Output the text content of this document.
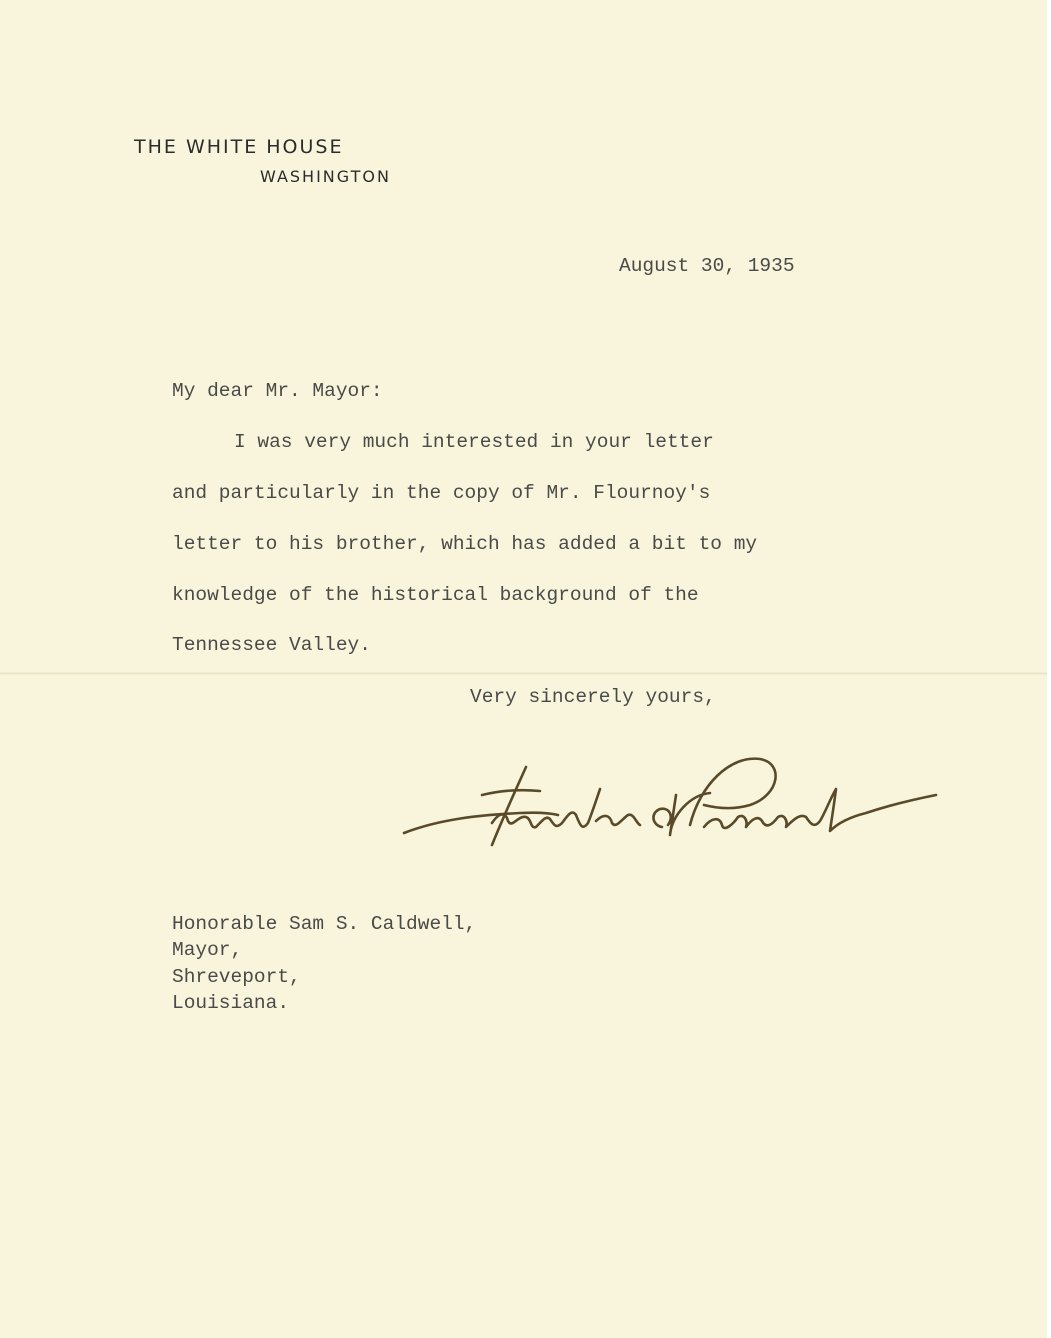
THE WHITE HOUSE
WASHINGTON
August 30, 1935
My dear Mr. Mayor:
I was very much interested in your letter
and particularly in the copy of Mr. Flournoy's
letter to his brother, which has added a bit to my
knowledge of the historical background of the
Tennessee Valley.
Very sincerely yours,
Honorable Sam S. Caldwell,
Mayor,
Shreveport,
Louisiana.
